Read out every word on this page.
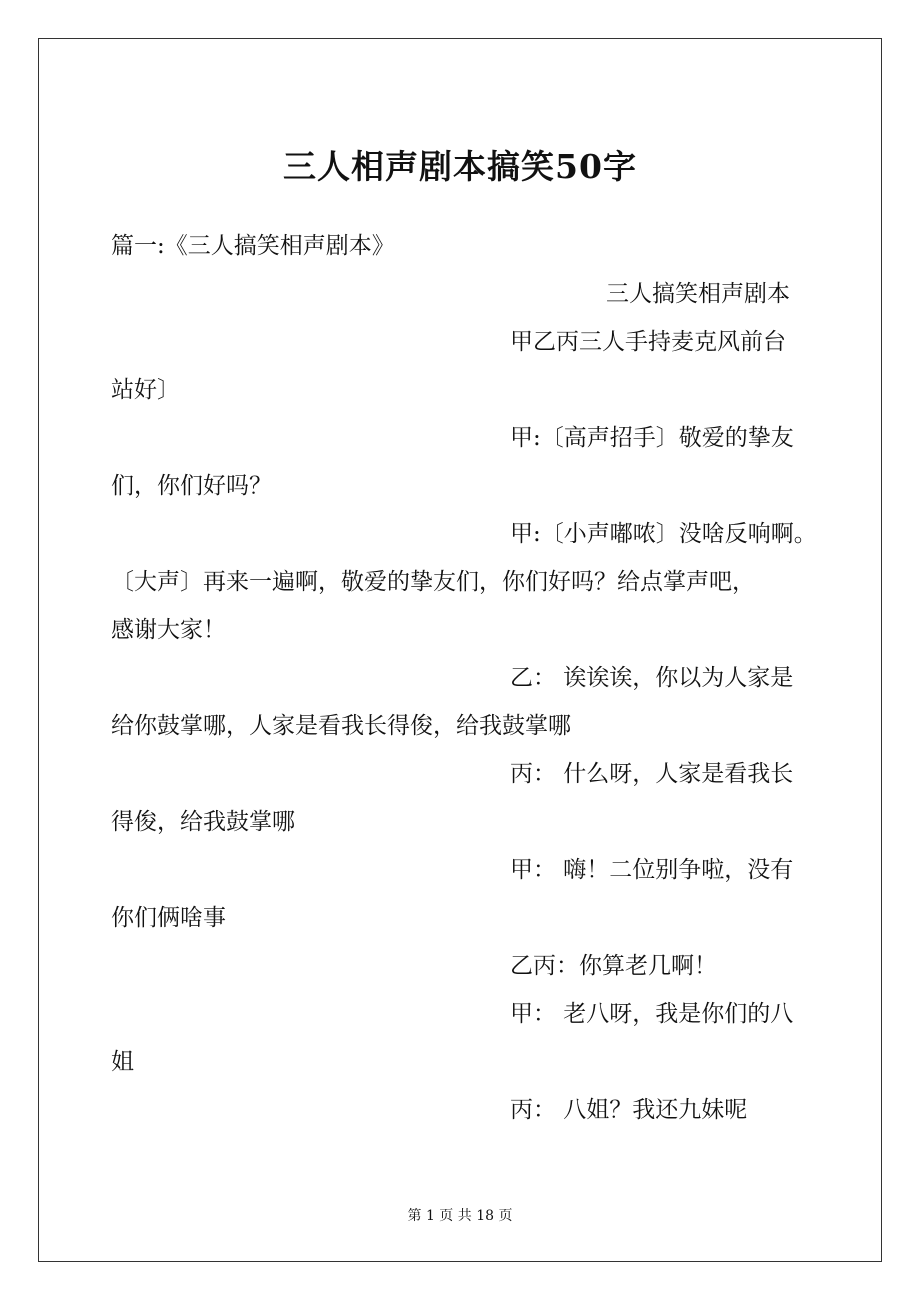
三人相声剧本搞笑50字
篇一:《三人搞笑相声剧本》
三人搞笑相声剧本
甲乙丙三人手持麦克风前台
站好〕
甲:〔高声招手〕敬爱的挚友
们，你们好吗？
甲:〔小声嘟哝〕没啥反响啊。
〔大声〕再来一遍啊，敬爱的挚友们，你们好吗？给点掌声吧，
感谢大家！
乙： 诶诶诶，你以为人家是
给你鼓掌哪，人家是看我长得俊，给我鼓掌哪
丙： 什么呀，人家是看我长
得俊，给我鼓掌哪
甲： 嗨！二位别争啦，没有
你们俩啥事
乙丙：你算老几啊！
甲： 老八呀，我是你们的八
姐
丙： 八姐？我还九妹呢
第 1 页 共 18 页
